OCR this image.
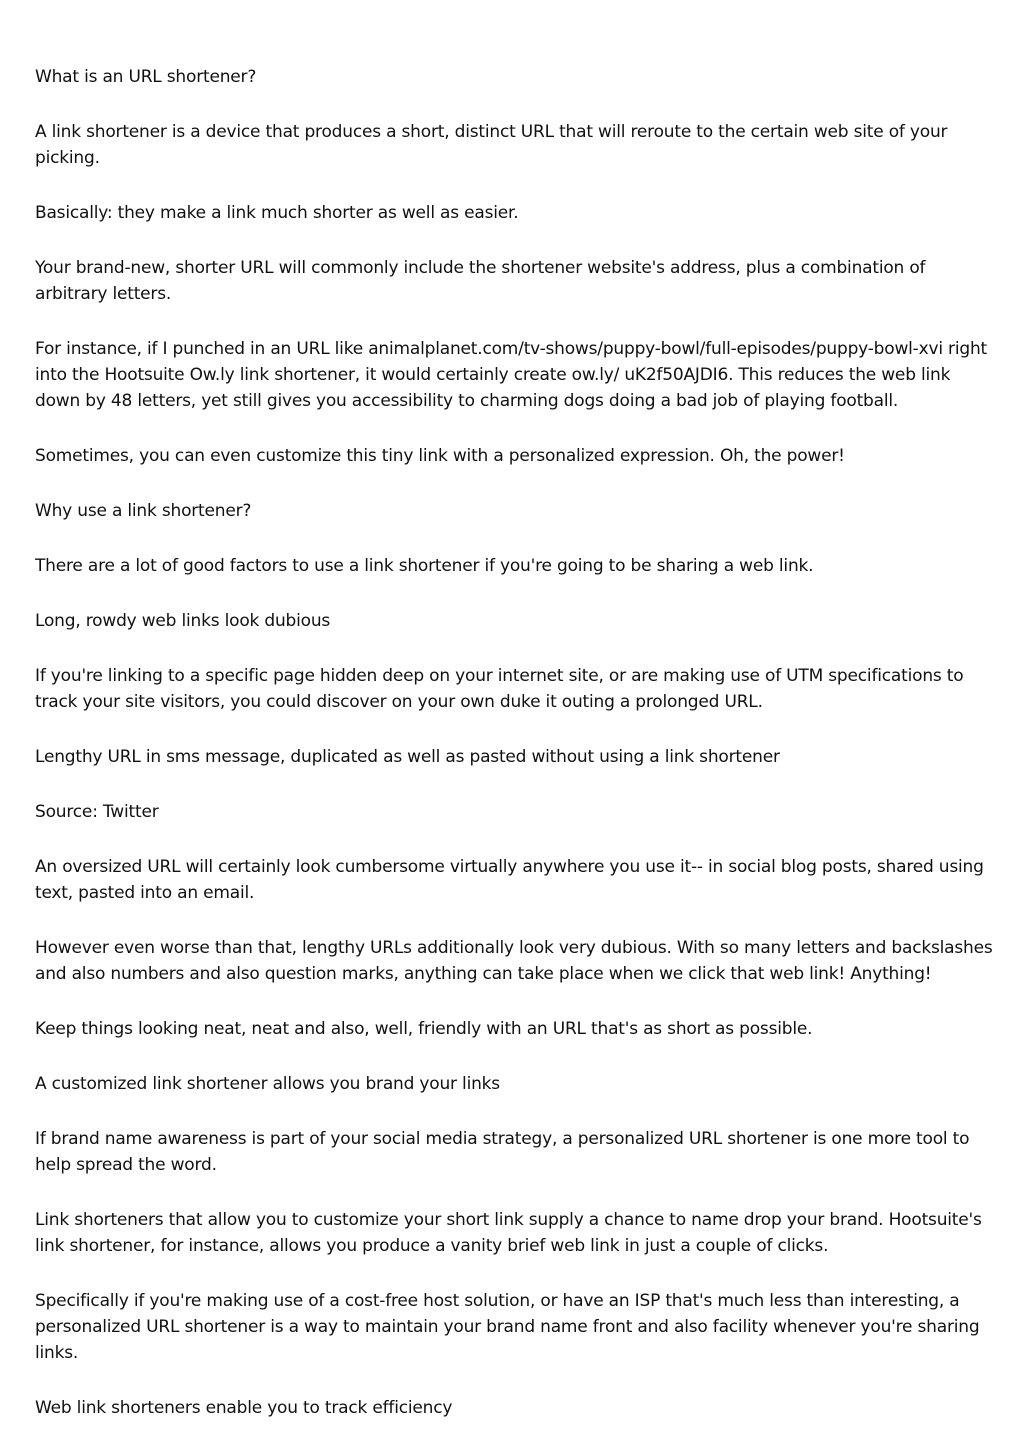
What is an URL shortener?

A link shortener is a device that produces a short, distinct URL that will reroute to the certain web site of your picking.

Basically: they make a link much shorter as well as easier.

Your brand-new, shorter URL will commonly include the shortener website's address, plus a combination of arbitrary letters.

For instance, if I punched in an URL like animalplanet.com/tv-shows/puppy-bowl/full-episodes/puppy-bowl-xvi right into the Hootsuite Ow.ly link shortener, it would certainly create ow.ly/ uK2f50AJDI6. This reduces the web link down by 48 letters, yet still gives you accessibility to charming dogs doing a bad job of playing football.

Sometimes, you can even customize this tiny link with a personalized expression. Oh, the power!

Why use a link shortener?

There are a lot of good factors to use a link shortener if you're going to be sharing a web link.

Long, rowdy web links look dubious

If you're linking to a specific page hidden deep on your internet site, or are making use of UTM specifications to track your site visitors, you could discover on your own duke it outing a prolonged URL.

Lengthy URL in sms message, duplicated as well as pasted without using a link shortener

Source: Twitter

An oversized URL will certainly look cumbersome virtually anywhere you use it-- in social blog posts, shared using text, pasted into an email.

However even worse than that, lengthy URLs additionally look very dubious. With so many letters and backslashes and also numbers and also question marks, anything can take place when we click that web link! Anything!

Keep things looking neat, neat and also, well, friendly with an URL that's as short as possible.

A customized link shortener allows you brand your links

If brand name awareness is part of your social media strategy, a personalized URL shortener is one more tool to help spread the word.

Link shorteners that allow you to customize your short link supply a chance to name drop your brand. Hootsuite's link shortener, for instance, allows you produce a vanity brief web link in just a couple of clicks.

Specifically if you're making use of a cost-free host solution, or have an ISP that's much less than interesting, a personalized URL shortener is a way to maintain your brand name front and also facility whenever you're sharing links.

Web link shorteners enable you to track efficiency
